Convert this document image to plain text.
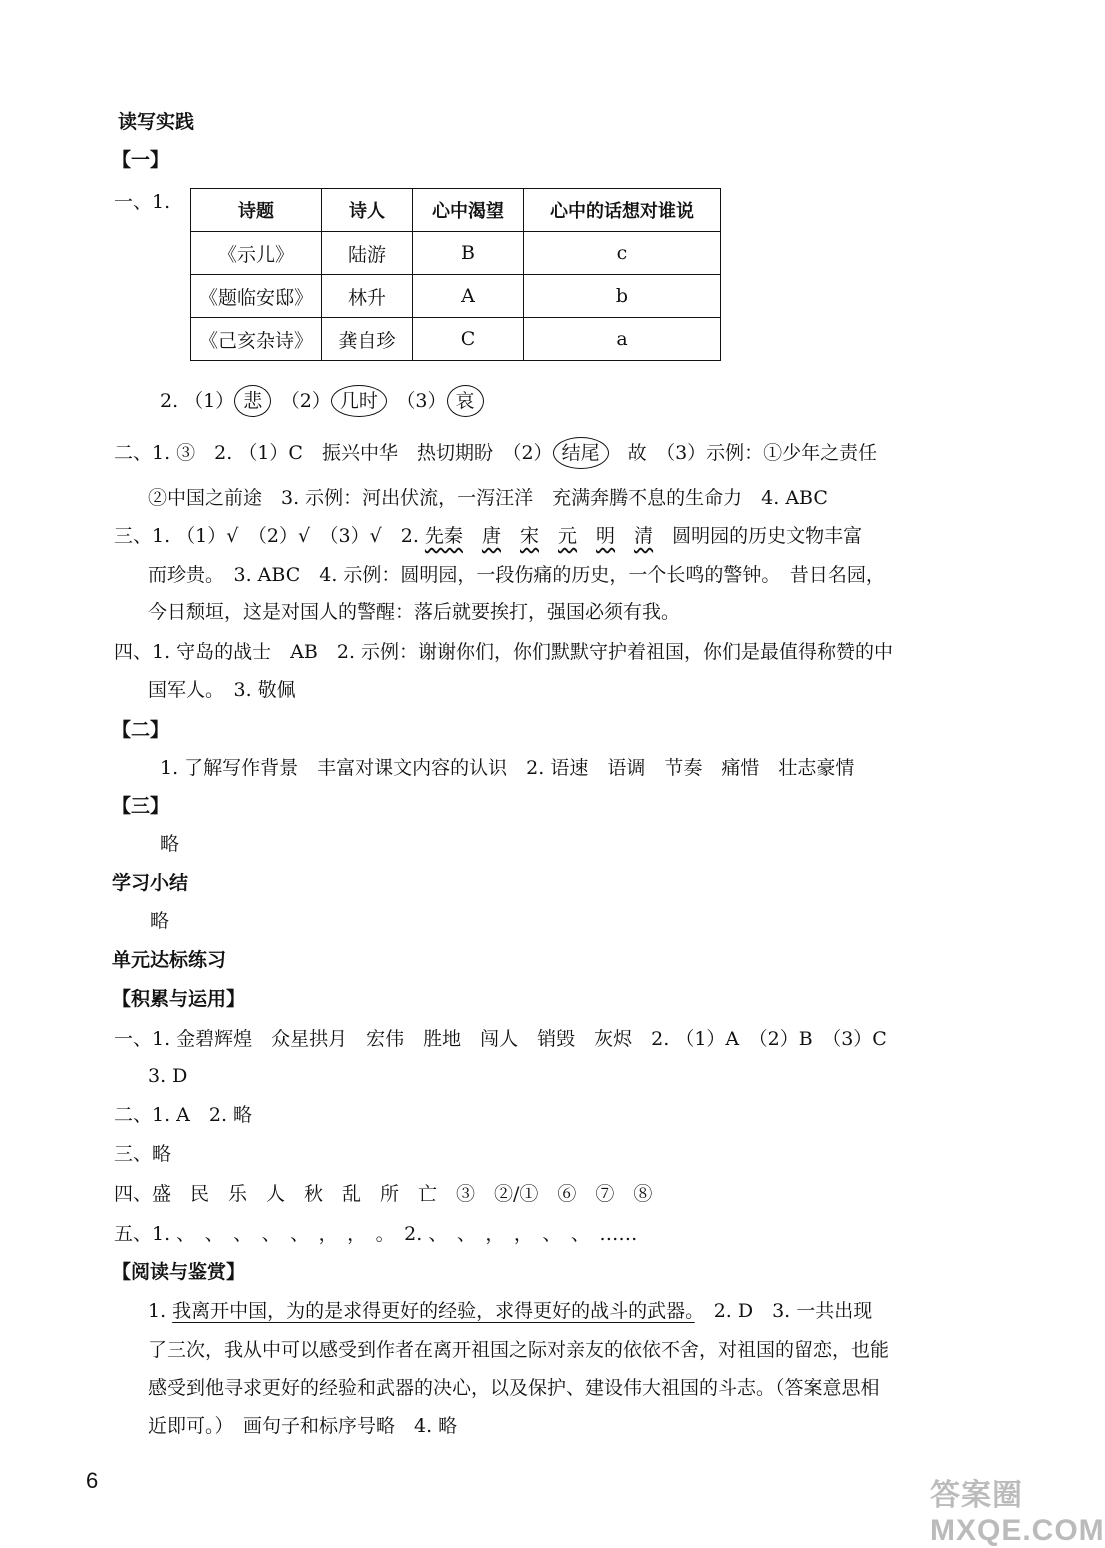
读写实践
【一】
一、1.	诗题	诗人	心中渴望	心中的话想对谁说
《示儿》	陆游	B	c
《题临安邸》	林升	A	b
《己亥杂诗》	龚自珍	C	a
2. （1） 悲　 （2） 几时　 （3） 哀
二、1. ③　2. （1）C　振兴中华　热切期盼　（2） 结尾　故　（3）示例：①少年之责任
②中国之前途　3. 示例：河出伏流，一泻汪洋　充满奔腾不息的生命力　4. ABC
三、1. （1）√　（2）√　（3）√　2. 先秦　 唐　 宋　 元　 明　 清　 圆明园的历史文物丰富
而珍贵。　3. ABC　4. 示例：圆明园，一段伤痛的历史，一个长鸣的警钟。　昔日名园，
今日颓垣，这是对国人的警醒：落后就要挨打，强国必须有我。
四、1. 守岛的战士　AB　2. 示例：谢谢你们，你们默默守护着祖国，你们是最值得称赞的中
国军人。　3. 敬佩
【二】
1. 了解写作背景　丰富对课文内容的认识　2. 语速　语调　节奏　痛惜　壮志豪情
【三】
略
学习小结
略
单元达标练习
【积累与运用】
一、1. 金碧辉煌　众星拱月　宏伟　胜地　闯人　销毁　灰烬　2. （1）A　（2）B　（3）C
3. D
二、1. A　2. 略
三、略
四、盛　民　乐　人　秋　乱　所　亡　③　②/①　⑥　⑦　⑧
五、1. 、　、　、　、　、　，　，　。　2. 、　、　，　，　、　、　……
【阅读与鉴赏】
1. 我离开中国，为的是求得更好的经验，求得更好的战斗的武器。　2. D　3. 一共出现
了三次，我从中可以感受到作者在离开祖国之际对亲友的依依不舍，对祖国的留恋，也能
感受到他寻求更好的经验和武器的决心，以及保护、建设伟大祖国的斗志。（答案意思相
近即可。）　画句子和标序号略　4. 略
6	答案圈 MXQE.COM
